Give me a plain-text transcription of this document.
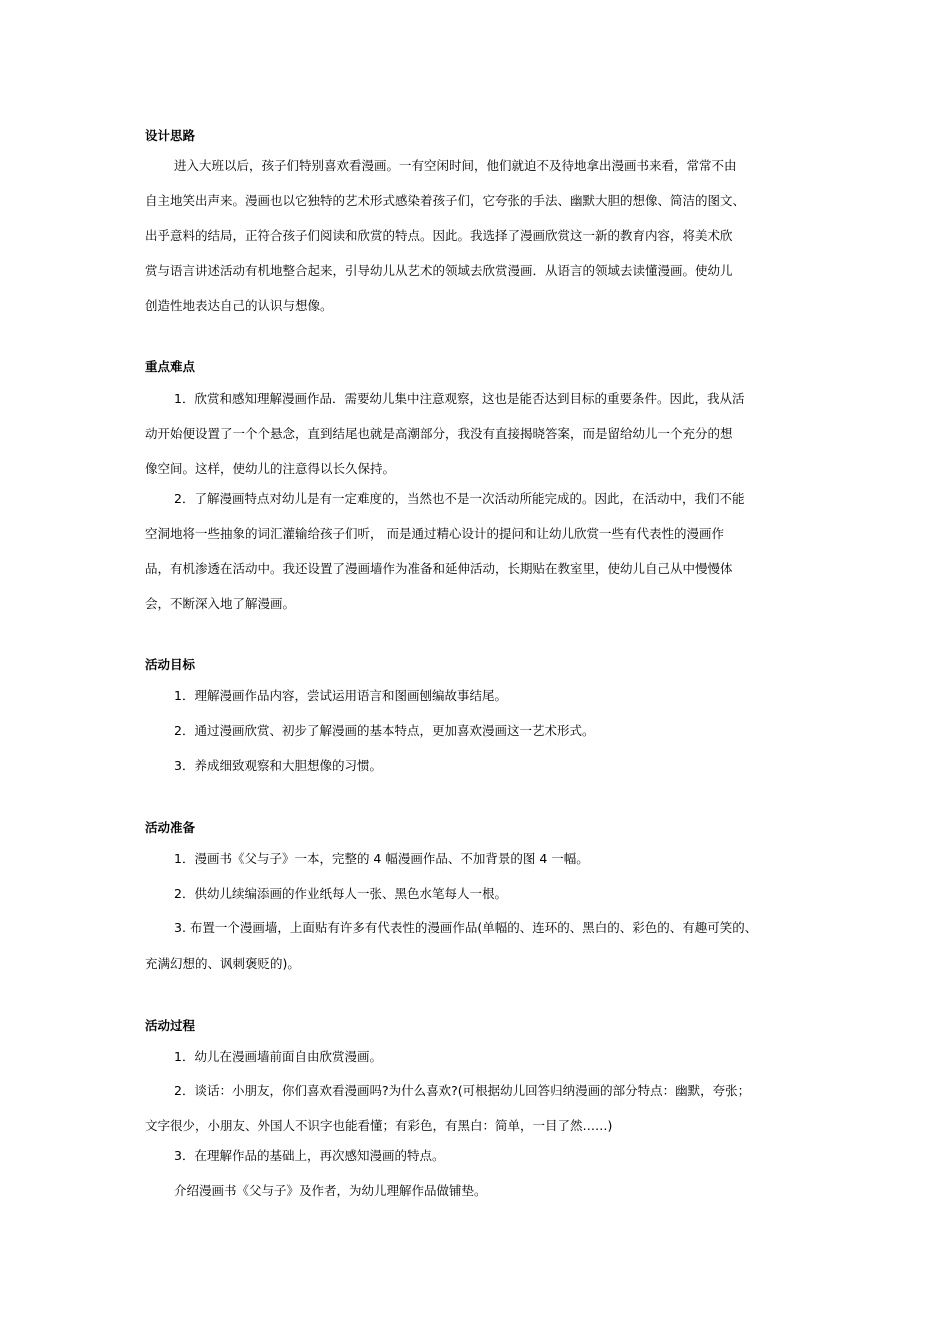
设计思路
进入大班以后，孩子们特别喜欢看漫画。一有空闲时间，他们就迫不及待地拿出漫画书来看，常常不由
自主地笑出声来。漫画也以它独特的艺术形式感染着孩子们，它夸张的手法、幽默大胆的想像、简洁的图文、
出乎意料的结局，正符合孩子们阅读和欣赏的特点。因此。我选择了漫画欣赏这一新的教育内容，将美术欣
赏与语言讲述活动有机地整合起来，引导幼儿从艺术的领域去欣赏漫画．从语言的领域去读懂漫画。使幼儿
创造性地表达自己的认识与想像。
重点难点
1．欣赏和感知理解漫画作品．需要幼儿集中注意观察，这也是能否达到目标的重要条件。因此，我从活
动开始便设置了一个个悬念，直到结尾也就是高潮部分，我没有直接揭晓答案，而是留给幼儿一个充分的想
像空间。这样，使幼儿的注意得以长久保持。
2．了解漫画特点对幼儿是有一定难度的，当然也不是一次活动所能完成的。因此，在活动中，我们不能
空洞地将一些抽象的词汇灌输给孩子们听， 而是通过精心设计的提问和让幼儿欣赏一些有代表性的漫画作
品，有机渗透在活动中。我还设置了漫画墙作为准备和延伸活动，长期贴在教室里，使幼儿自己从中慢慢体
会，不断深入地了解漫画。
活动目标
1．理解漫画作品内容，尝试运用语言和图画刨编故事结尾。
2．通过漫画欣赏、初步了解漫画的基本特点，更加喜欢漫画这一艺术形式。
3．养成细致观察和大胆想像的习惯。
活动准备
1．漫画书《父与子》一本，完整的 4 幅漫画作品、不加背景的图 4 一幅。
2．供幼儿续编添画的作业纸每人一张、黑色水笔每人一根。
3. 布置一个漫画墙，上面贴有许多有代表性的漫画作品(单幅的、连环的、黑白的、彩色的、有趣可笑的、
充满幻想的、讽刺褒贬的)。
活动过程
1．幼儿在漫画墙前面自由欣赏漫画。
2．谈话：小朋友，你们喜欢看漫画吗?为什么喜欢?(可根据幼儿回答归纳漫画的部分特点：幽默，夸张；
文字很少，小朋友、外国人不识字也能看懂；有彩色，有黑白：简单，一目了然……)
3．在理解作品的基础上，再次感知漫画的特点。
介绍漫画书《父与子》及作者，为幼儿理解作品做铺垫。
